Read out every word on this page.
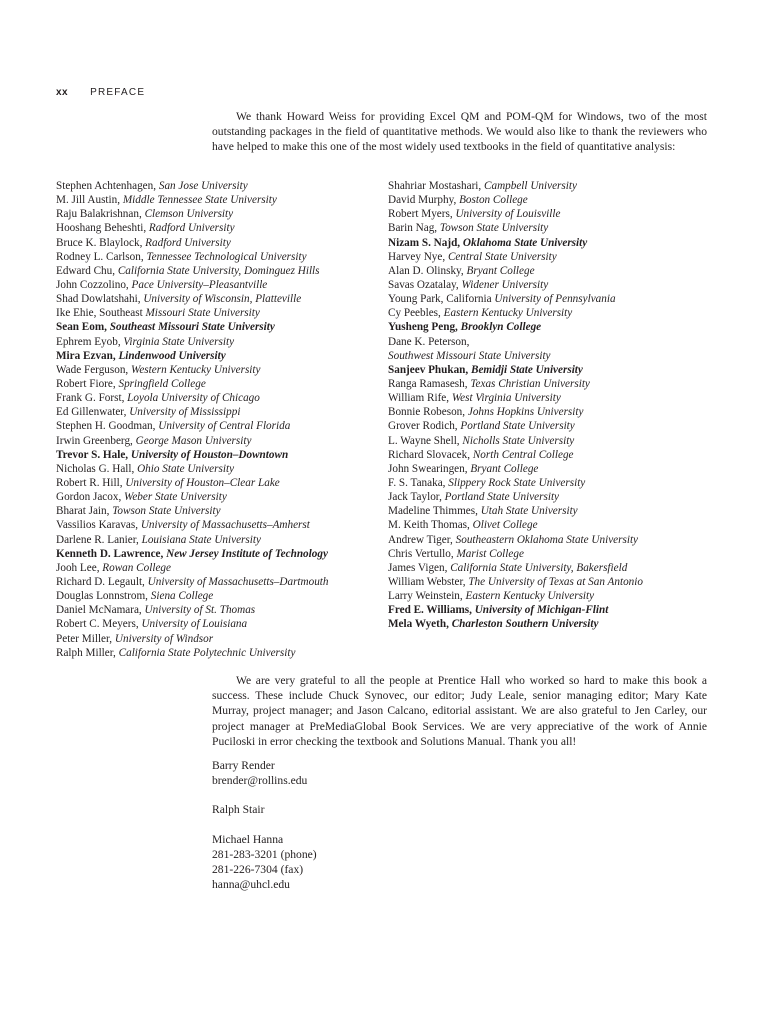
xx PREFACE

We thank Howard Weiss for providing Excel QM and POM-QM for Windows, two of the most outstanding packages in the field of quantitative methods. We would also like to thank the reviewers who have helped to make this one of the most widely used textbooks in the field of quantitative analysis:

Stephen Achtenhagen, San Jose University
M. Jill Austin, Middle Tennessee State University
Raju Balakrishnan, Clemson University
Hooshang Beheshti, Radford University
Bruce K. Blaylock, Radford University
Rodney L. Carlson, Tennessee Technological University
Edward Chu, California State University, Dominguez Hills
John Cozzolino, Pace University–Pleasantville
Shad Dowlatshahi, University of Wisconsin, Platteville
Ike Ehie, Southeast Missouri State University
Sean Eom, Southeast Missouri State University
Ephrem Eyob, Virginia State University
Mira Ezvan, Lindenwood University
Wade Ferguson, Western Kentucky University
Robert Fiore, Springfield College
Frank G. Forst, Loyola University of Chicago
Ed Gillenwater, University of Mississippi
Stephen H. Goodman, University of Central Florida
Irwin Greenberg, George Mason University
Trevor S. Hale, University of Houston–Downtown
Nicholas G. Hall, Ohio State University
Robert R. Hill, University of Houston–Clear Lake
Gordon Jacox, Weber State University
Bharat Jain, Towson State University
Vassilios Karavas, University of Massachusetts–Amherst
Darlene R. Lanier, Louisiana State University
Kenneth D. Lawrence, New Jersey Institute of Technology
Jooh Lee, Rowan College
Richard D. Legault, University of Massachusetts–Dartmouth
Douglas Lonnstrom, Siena College
Daniel McNamara, University of St. Thomas
Robert C. Meyers, University of Louisiana
Peter Miller, University of Windsor
Ralph Miller, California State Polytechnic University
Shahriar Mostashari, Campbell University
David Murphy, Boston College
Robert Myers, University of Louisville
Barin Nag, Towson State University
Nizam S. Najd, Oklahoma State University
Harvey Nye, Central State University
Alan D. Olinsky, Bryant College
Savas Ozatalay, Widener University
Young Park, California University of Pennsylvania
Cy Peebles, Eastern Kentucky University
Yusheng Peng, Brooklyn College
Dane K. Peterson,
Southwest Missouri State University
Sanjeev Phukan, Bemidji State University
Ranga Ramasesh, Texas Christian University
William Rife, West Virginia University
Bonnie Robeson, Johns Hopkins University
Grover Rodich, Portland State University
L. Wayne Shell, Nicholls State University
Richard Slovacek, North Central College
John Swearingen, Bryant College
F. S. Tanaka, Slippery Rock State University
Jack Taylor, Portland State University
Madeline Thimmes, Utah State University
M. Keith Thomas, Olivet College
Andrew Tiger, Southeastern Oklahoma State University
Chris Vertullo, Marist College
James Vigen, California State University, Bakersfield
William Webster, The University of Texas at San Antonio
Larry Weinstein, Eastern Kentucky University
Fred E. Williams, University of Michigan-Flint
Mela Wyeth, Charleston Southern University

We are very grateful to all the people at Prentice Hall who worked so hard to make this book a success. These include Chuck Synovec, our editor; Judy Leale, senior managing editor; Mary Kate Murray, project manager; and Jason Calcano, editorial assistant. We are also grateful to Jen Carley, our project manager at PreMediaGlobal Book Services. We are very appreciative of the work of Annie Puciloski in error checking the textbook and Solutions Manual. Thank you all!

Barry Render
brender@rollins.edu
Ralph Stair
Michael Hanna
281-283-3201 (phone)
281-226-7304 (fax)
hanna@uhcl.edu
